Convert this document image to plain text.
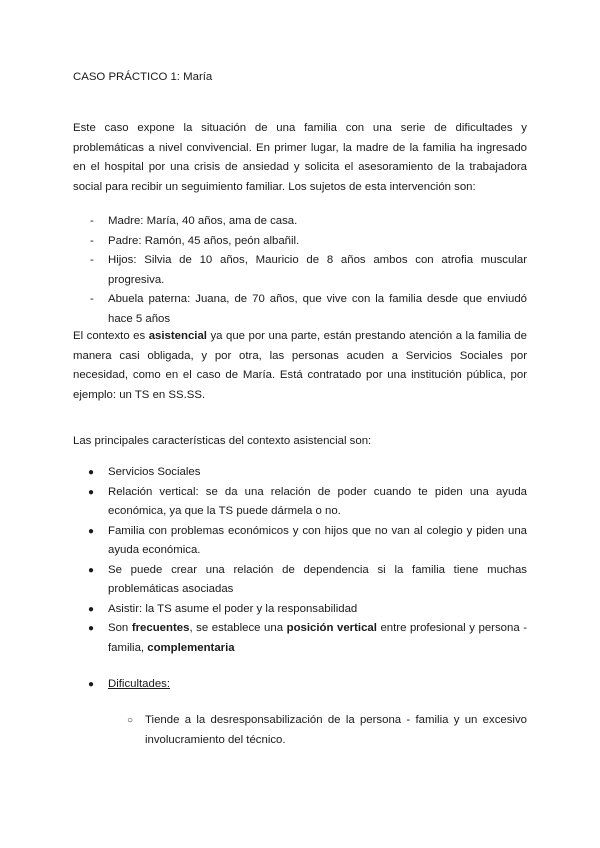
CASO PRÁCTICO 1: María
Este caso expone la situación de una familia con una serie de dificultades y problemáticas a nivel convivencial. En primer lugar, la madre de la familia ha ingresado en el hospital por una crisis de ansiedad y solicita el asesoramiento de la trabajadora social para recibir un seguimiento familiar. Los sujetos de esta intervención son:
- Madre: María, 40 años, ama de casa.
- Padre: Ramón, 45 años, peón albañil.
- Hijos: Silvia de 10 años, Mauricio de 8 años ambos con atrofia muscular progresiva.
- Abuela paterna: Juana, de 70 años, que vive con la familia desde que enviudó hace 5 años
El contexto es asistencial ya que por una parte, están prestando atención a la familia de manera casi obligada, y por otra, las personas acuden a Servicios Sociales por necesidad, como en el caso de María. Está contratado por una institución pública, por ejemplo: un TS en SS.SS.
Las principales características del contexto asistencial son:
● Servicios Sociales
● Relación vertical: se da una relación de poder cuando te piden una ayuda económica, ya que la TS puede dármela o no.
● Familia con problemas económicos y con hijos que no van al colegio y piden una ayuda económica.
● Se puede crear una relación de dependencia si la familia tiene muchas problemáticas asociadas
● Asistir: la TS asume el poder y la responsabilidad
● Son frecuentes, se establece una posición vertical entre profesional y persona - familia, complementaria
● Dificultades:
○ Tiende a la desresponsabilización de la persona - familia y un excesivo involucramiento del técnico.
